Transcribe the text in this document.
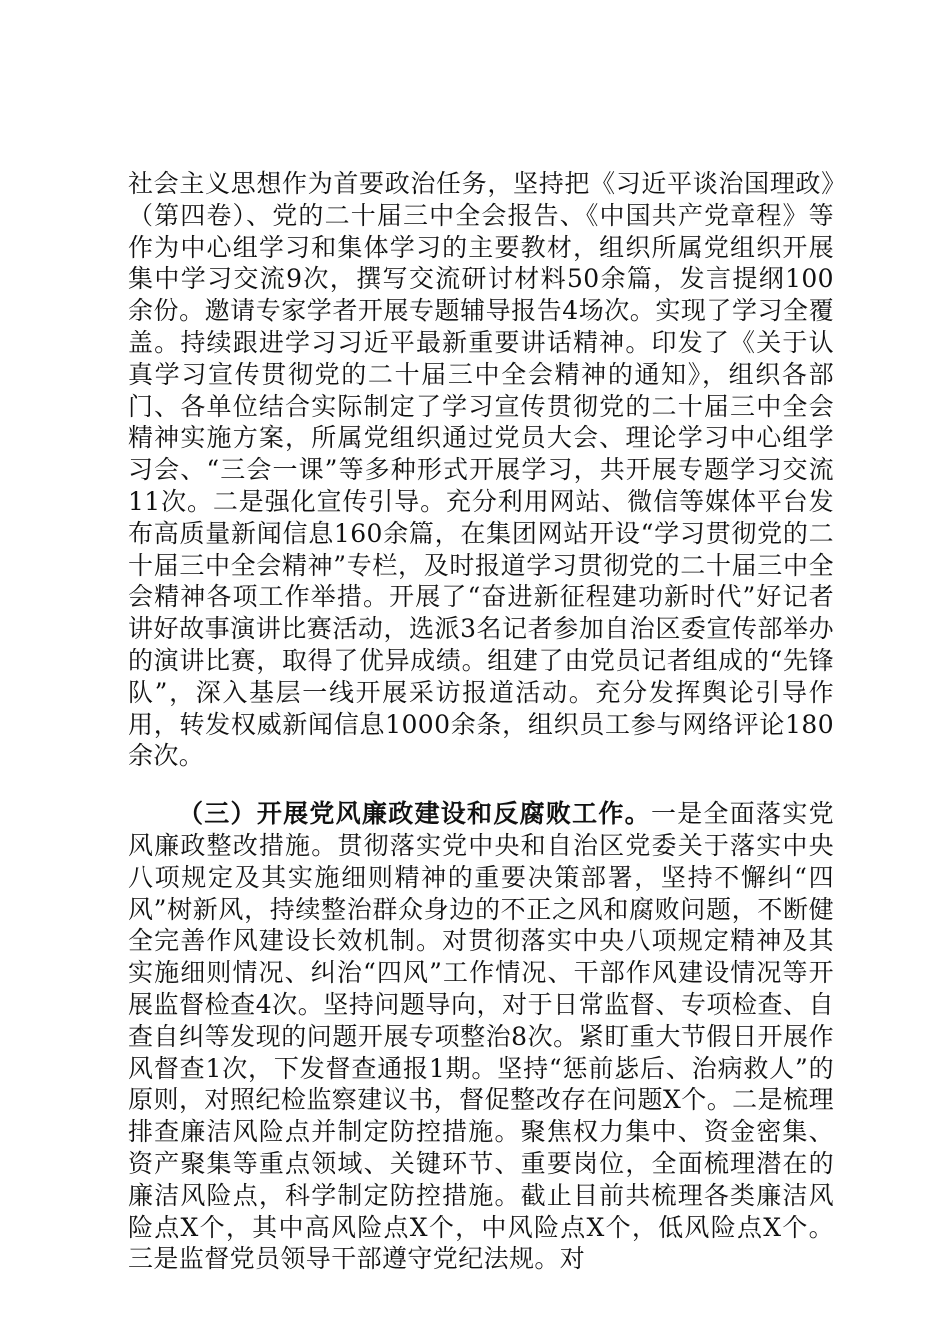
社会主义思想作为首要政治任务，坚持把《习近平谈治国理政》（第四卷）、党的二十届三中全会报告、《中国共产党章程》等作为中心组学习和集体学习的主要教材，组织所属党组织开展集中学习交流9次，撰写交流研讨材料50余篇，发言提纲100余份。邀请专家学者开展专题辅导报告4场次。实现了学习全覆盖。持续跟进学习习近平最新重要讲话精神。印发了《关于认真学习宣传贯彻党的二十届三中全会精神的通知》，组织各部门、各单位结合实际制定了学习宣传贯彻党的二十届三中全会精神实施方案，所属党组织通过党员大会、理论学习中心组学习会、“三会一课”等多种形式开展学习，共开展专题学习交流11次。二是强化宣传引导。充分利用网站、微信等媒体平台发布高质量新闻信息160余篇，在集团网站开设“学习贯彻党的二十届三中全会精神”专栏，及时报道学习贯彻党的二十届三中全会精神各项工作举措。开展了“奋进新征程建功新时代”好记者讲好故事演讲比赛活动，选派3名记者参加自治区委宣传部举办的演讲比赛，取得了优异成绩。组建了由党员记者组成的“先锋队”，深入基层一线开展采访报道活动。充分发挥舆论引导作用，转发权威新闻信息1000余条，组织员工参与网络评论180余次。

（三）开展党风廉政建设和反腐败工作。一是全面落实党风廉政整改措施。贯彻落实党中央和自治区党委关于落实中央八项规定及其实施细则精神的重要决策部署，坚持不懈纠“四风”树新风，持续整治群众身边的不正之风和腐败问题，不断健全完善作风建设长效机制。对贯彻落实中央八项规定精神及其实施细则情况、纠治“四风”工作情况、干部作风建设情况等开展监督检查4次。坚持问题导向，对于日常监督、专项检查、自查自纠等发现的问题开展专项整治8次。紧盯重大节假日开展作风督查1次，下发督查通报1期。坚持“惩前毖后、治病救人”的原则，对照纪检监察建议书，督促整改存在问题X个。二是梳理排查廉洁风险点并制定防控措施。聚焦权力集中、资金密集、资产聚集等重点领域、关键环节、重要岗位，全面梳理潜在的廉洁风险点，科学制定防控措施。截止目前共梳理各类廉洁风险点X个，其中高风险点X个，中风险点X个，低风险点X个。三是监督党员领导干部遵守党纪法规。对
